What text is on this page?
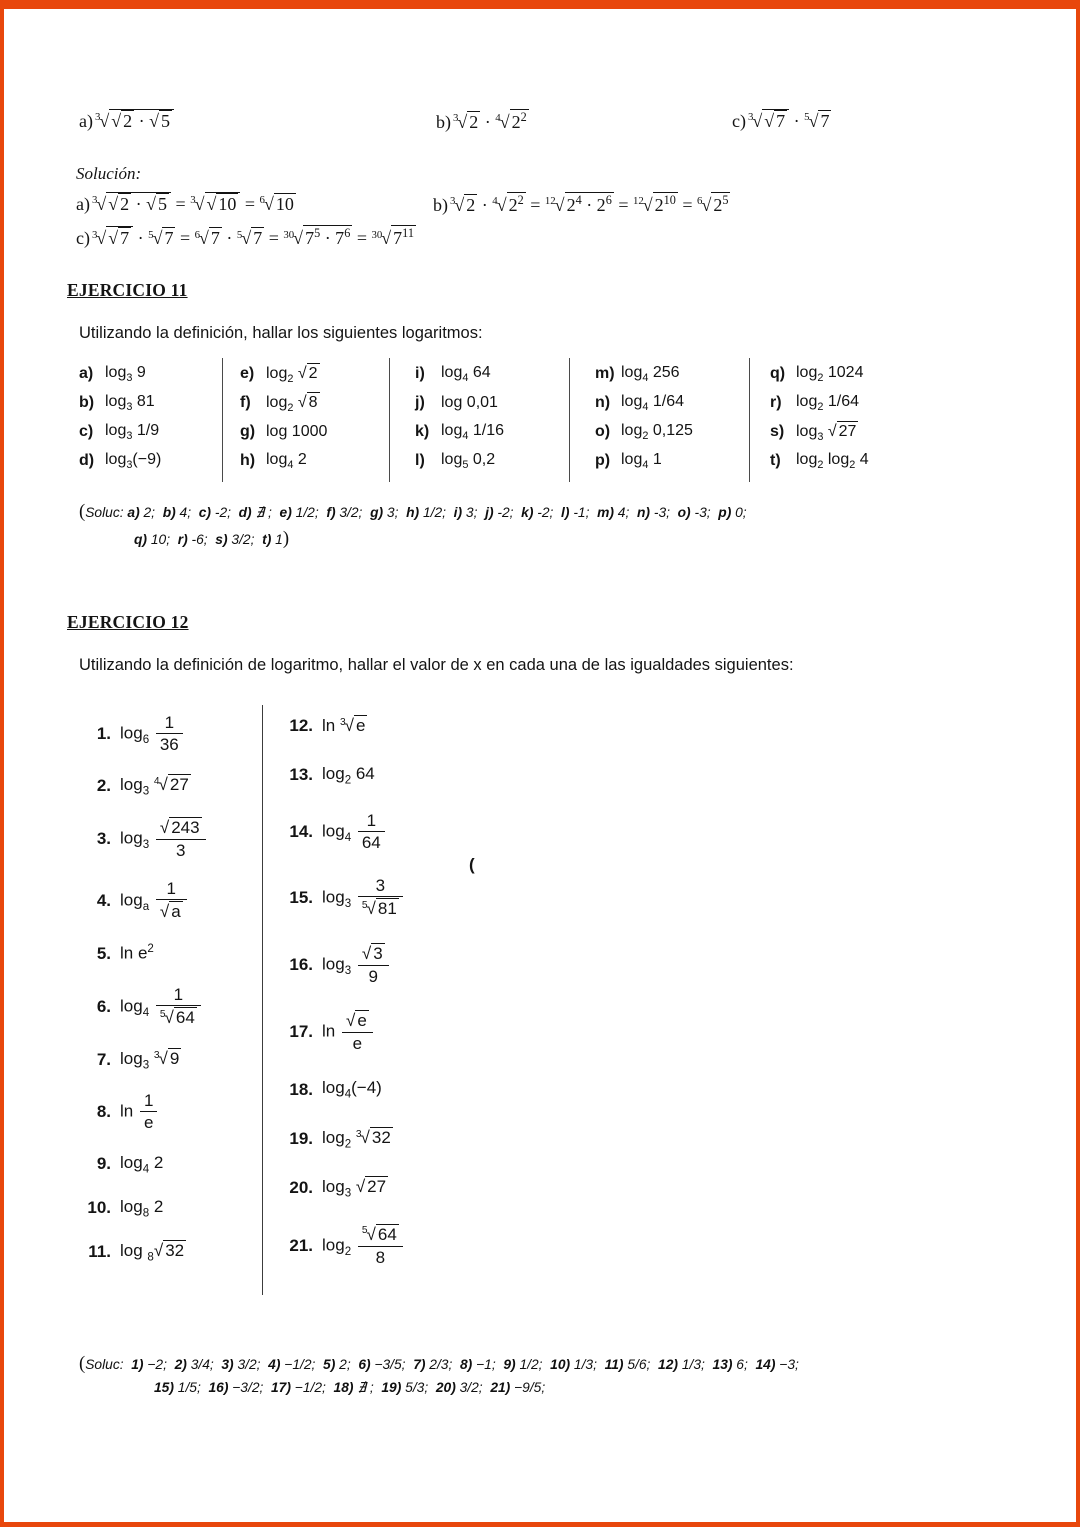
a) $^3$√ √ 2 · √ 5	b) $^3$√ 2 · $^4$√ $2^2$	c) $^3$√ √ 7 · $^5$√ 7
Solución:
a) $^3$√ √ 2 · √ 5 = $^3$√ √ 10 = $^6$√ 10	b) $^3$√ 2 · $^4$√ $2^2 = ^{12}√$ $2^4 \cdot 2^6 = ^{12}√$ $2^{10} = ^6√$ $2^5$
c) $^3$√ √ 7 · $^5$√ 7 = $^6$√ 7 · $^5$√ 7 = $^{30}$√ $7^5 \cdot 7^6 = ^{30}√$ $7^{11}$
EJERCICIO 11

Utilizando la definición, hallar los siguientes logaritmos:

a) $\log_3 9$
b) $\log_3 81$
c) $\log_3 1/9$
d) $\log_3(-9)$
e) $\log_2$ √ 2
f) $\log_2$ √ 8
g) log 1000
h) $\log_4 2$
i)	$\log_4 64$
j)	log 0,01
k) $\log_4 1/16$
l)	$\log_5 0,2$
m) $\log_4 256$
n) $\log_4 1/64$
o) $\log_2 0,125$
p) $\log_4 1$
q) $\log_2 1024$
r) $\log_2 1/64$
s) $\log_3$ √ 27
t) $\log_2 \log_2 4$
(Soluc: a) 2;  b) 4;  c) -2;  d) ∄ ;  e) 1/2;  f) 3/2;  g) 3;  h) 1/2;  i) 3;  j) -2;  k) -2;  l) -1;  m) 4;  n) -3;  o) -3;  p) 0;
q) 10;  r) -6;  s) 3/2;  t) 1)
EJERCICIO 12

Utilizando la definición de logaritmo, hallar el valor de x en cada una de las igualdades siguientes:

1. $\log_6 \frac{1}{36}$
2. $\log_3 ^4√$ 27
3. $\log_3 \frac{√ 243}{3}$
4. $\log_a \frac{1}{√ a}$
5. $\ln e^2$
6. $\log_4 \frac{1}{^5√ 64}$
7. $\log_3 ^3√$ 9
8. $\ln \frac{1}{e}$
9. $\log_4 2$
10. $\log_8 2$
11. log $_8$√ 32
12. ln $^3$√ e
13. $\log_2 64$
14. $\log_4 \frac{1}{64}$
15. $\log_3 \frac{3}{^5√ 81}$
16. $\log_3 \frac{√ 3}{9}$
17. $\ln \frac{√ e}{e}$
18. $\log_4(-4)$
19. $\log_2 ^3√$ 32
20. $\log_3$ √ 27
21. $\log_2 \frac{^5√ 64}{8}$
(
(Soluc:  1) −2;  2) 3/4;  3) 3/2;  4) −1/2;  5) 2;  6) −3/5;  7) 2/3;  8) −1;  9) 1/2;  10) 1/3;  11) 5/6;  12) 1/3;  13) 6;  14) −3;
15) 1/5;  16) −3/2;  17) −1/2;  18) ∄ ;  19) 5/3;  20) 3/2;  21) −9/5;
